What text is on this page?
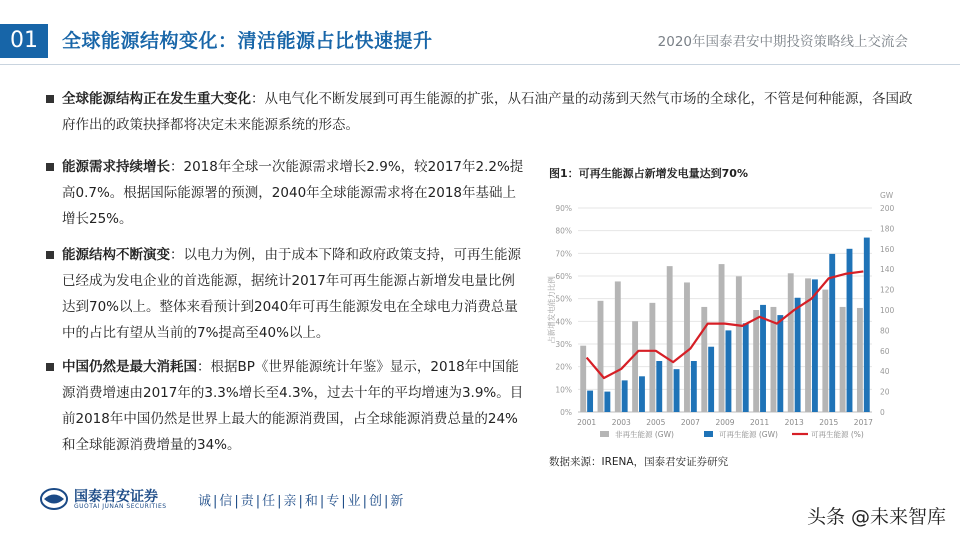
01	全球能源结构变化：清洁能源占比快速提升	2020年国泰君安中期投资策略线上交流会
全球能源结构正在发生重大变化：从电气化不断发展到可再生能源的扩张，从石油产量的动荡到天然气市场的全球化，不管是何种能源，各国政府作出的政策抉择都将决定未来能源系统的形态。
能源需求持续增长：2018年全球一次能源需求增长2.9%，较2017年2.2%提高0.7%。根据国际能源署的预测，2040年全球能源需求将在2018年基础上增长25%。
能源结构不断演变：以电力为例，由于成本下降和政府政策支持，可再生能源已经成为发电企业的首选能源，据统计2017年可再生能源占新增发电量比例达到70%以上。整体来看预计到2040年可再生能源发电在全球电力消费总量中的占比有望从当前的7%提高至40%以上。
中国仍然是最大消耗国：根据BP《世界能源统计年鉴》显示，2018年中国能源消费增速由2017年的3.3%增长至4.3%，过去十年的平均增速为3.9%。目前2018年中国仍然是世界上最大的能源消费国，占全球能源消费总量的24%和全球能源消费增量的34%。
图1：可再生能源占新增发电量达到70%
0%
10%
20%
30%
40%
50%
60%
70%
80%
90%
0
20
40
60
80
100
120
140
160
180
200
GW
占新增发电能力比例
2001 2003 2005 2007 2009 2011 2013 2015 2017
非再生能源 (GW)	可再生能源 (GW)	可再生能源 (%)
数据来源：IRENA，国泰君安证券研究
国泰君安证券
GUOTAI JUNAN SECURITIES 诚|信|责|任|亲|和|专|业|创|新
头条 @未来智库
